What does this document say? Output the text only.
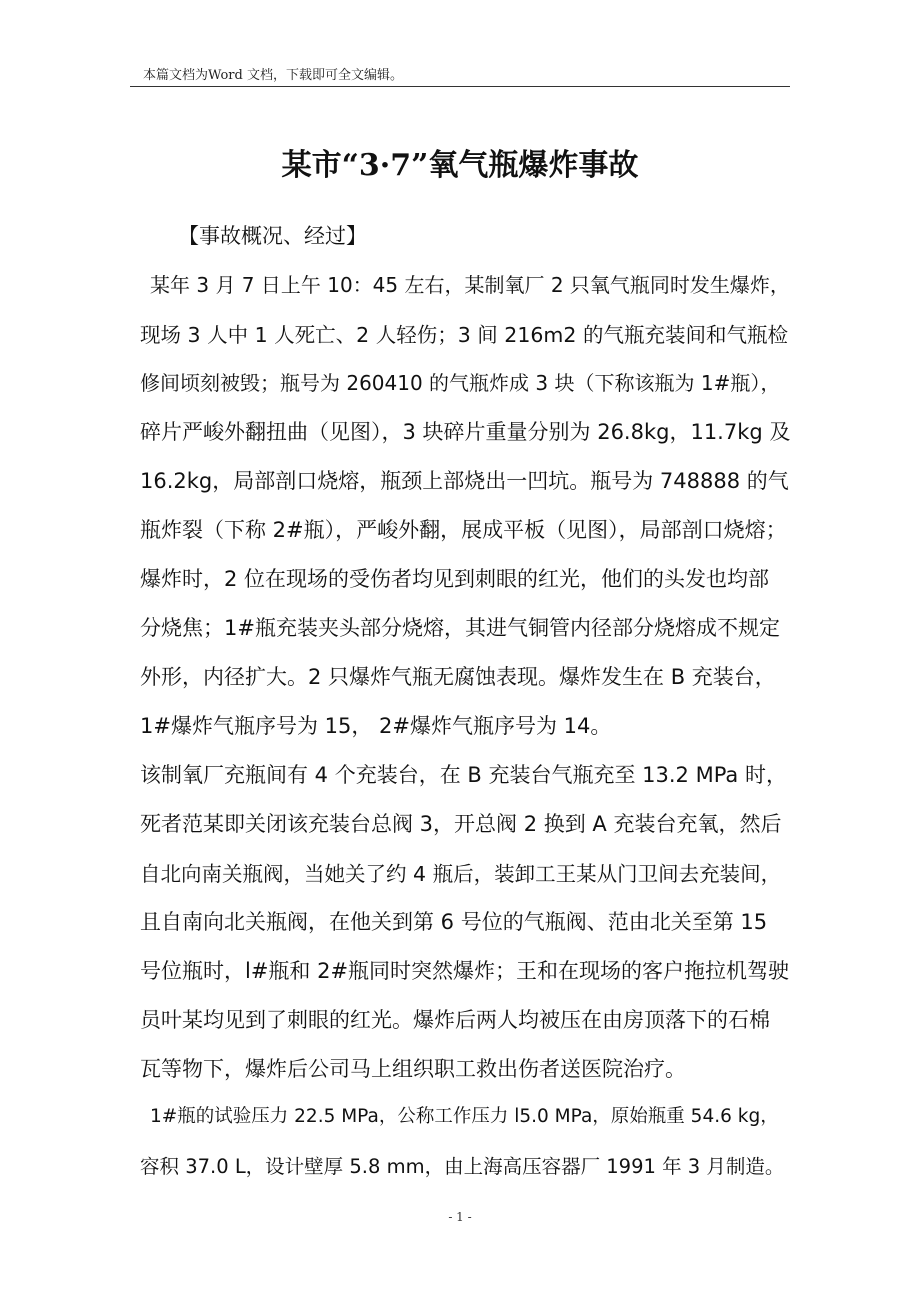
本篇文档为Word 文档，下载即可全文编辑。
某市“3·7”氧气瓶爆炸事故
【事故概况、经过】
某年 3 月 7 日上午 10：45 左右，某制氧厂 2 只氧气瓶同时发生爆炸，
现场 3 人中 1 人死亡、2 人轻伤；3 间 216m2 的气瓶充装间和气瓶检
修间顷刻被毁；瓶号为 260410 的气瓶炸成 3 块（下称该瓶为 1#瓶），
碎片严峻外翻扭曲（见图），3 块碎片重量分别为 26.8kg，11.7kg 及
16.2kg，局部剖口烧熔，瓶颈上部烧出一凹坑。瓶号为 748888 的气
瓶炸裂（下称 2#瓶），严峻外翻，展成平板（见图），局部剖口烧熔；
爆炸时，2 位在现场的受伤者均见到刺眼的红光，他们的头发也均部
分烧焦；1#瓶充装夹头部分烧熔，其进气铜管内径部分烧熔成不规定
外形，内径扩大。2 只爆炸气瓶无腐蚀表现。爆炸发生在 B 充装台，
1#爆炸气瓶序号为 15， 2#爆炸气瓶序号为 14。
该制氧厂充瓶间有 4 个充装台，在 B 充装台气瓶充至 13.2 MPa 时，
死者范某即关闭该充装台总阀 3，开总阀 2 换到 A 充装台充氧，然后
自北向南关瓶阀，当她关了约 4 瓶后，装卸工王某从门卫间去充装间，
且自南向北关瓶阀，在他关到第 6 号位的气瓶阀、范由北关至第 15
号位瓶时，l#瓶和 2#瓶同时突然爆炸；王和在现场的客户拖拉机驾驶
员叶某均见到了刺眼的红光。爆炸后两人均被压在由房顶落下的石棉
瓦等物下，爆炸后公司马上组织职工救出伤者送医院治疗。
1#瓶的试验压力 22.5 MPa，公称工作压力 l5.0 MPa，原始瓶重 54.6 kg，
容积 37.0 L，设计壁厚 5.8 mm，由上海高压容器厂 1991 年 3 月制造。
- 1 -
